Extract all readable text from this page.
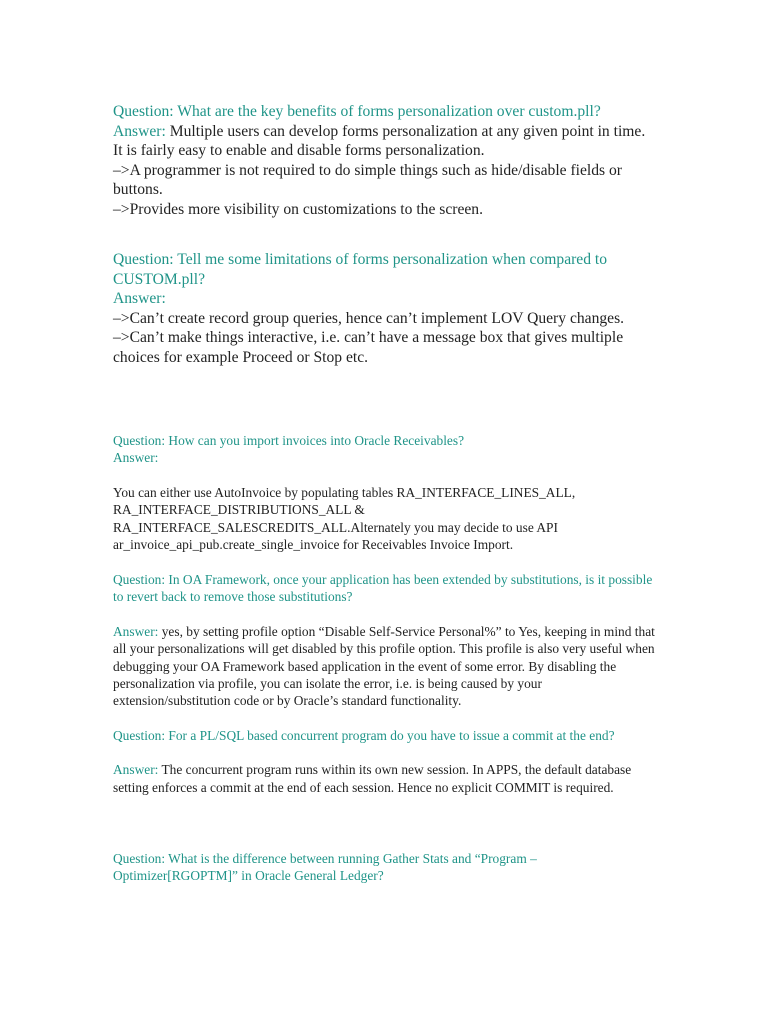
Question: What are the key benefits of forms personalization over custom.pll?

Answer: Multiple users can develop forms personalization at any given point in time.

It is fairly easy to enable and disable forms personalization.

–>A programmer is not required to do simple things such as hide/disable fields or buttons.

–>Provides more visibility on customizations to the screen.

Question: Tell me some limitations of forms personalization when compared to CUSTOM.pll?

Answer:

–>Can’t create record group queries, hence can’t implement LOV Query changes.

–>Can’t make things interactive, i.e. can’t have a message box that gives multiple choices for example Proceed or Stop etc.

Question: How can you import invoices into Oracle Receivables?

Answer:

You can either use AutoInvoice by populating tables RA_INTERFACE_LINES_ALL, RA_INTERFACE_DISTRIBUTIONS_ALL & RA_INTERFACE_SALESCREDITS_ALL.Alternately you may decide to use API ar_invoice_api_pub.create_single_invoice for Receivables Invoice Import.

Question: In OA Framework, once your application has been extended by substitutions, is it possible to revert back to remove those substitutions?

Answer: yes, by setting profile option “Disable Self-Service Personal%” to Yes, keeping in mind that all your personalizations will get disabled by this profile option. This profile is also very useful when debugging your OA Framework based application in the event of some error. By disabling the personalization via profile, you can isolate the error, i.e. is being caused by your extension/substitution code or by Oracle’s standard functionality.

Question: For a PL/SQL based concurrent program do you have to issue a commit at the end?

Answer: The concurrent program runs within its own new session. In APPS, the default database setting enforces a commit at the end of each session. Hence no explicit COMMIT is required.

Question: What is the difference between running Gather Stats and “Program – Optimizer[RGOPTM]” in Oracle General Ledger?
